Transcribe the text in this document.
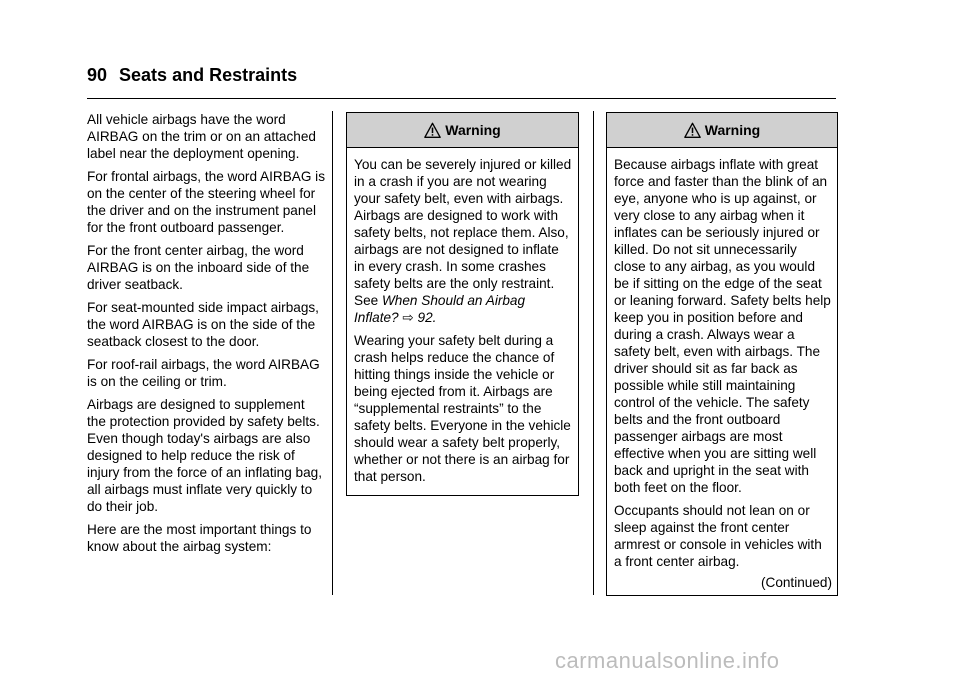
90 Seats and Restraints

All vehicle airbags have the word AIRBAG on the trim or on an attached label near the deployment opening.

For frontal airbags, the word AIRBAG is on the center of the steering wheel for the driver and on the instrument panel for the front outboard passenger.

For the front center airbag, the word AIRBAG is on the inboard side of the driver seatback.

For seat-mounted side impact airbags, the word AIRBAG is on the side of the seatback closest to the door.

For roof-rail airbags, the word AIRBAG is on the ceiling or trim.

Airbags are designed to supplement the protection provided by safety belts. Even though today's airbags are also designed to help reduce the risk of injury from the force of an inflating bag, all airbags must inflate very quickly to do their job.

Here are the most important things to know about the airbag system:

Warning

You can be severely injured or killed in a crash if you are not wearing your safety belt, even with airbags. Airbags are designed to work with safety belts, not replace them. Also, airbags are not designed to inflate in every crash. In some crashes safety belts are the only restraint. See When Should an Airbag Inflate? ⇨ 92.

Wearing your safety belt during a crash helps reduce the chance of hitting things inside the vehicle or being ejected from it. Airbags are “supplemental restraints” to the safety belts. Everyone in the vehicle should wear a safety belt properly, whether or not there is an airbag for that person.

Warning

Because airbags inflate with great force and faster than the blink of an eye, anyone who is up against, or very close to any airbag when it inflates can be seriously injured or killed. Do not sit unnecessarily close to any airbag, as you would be if sitting on the edge of the seat or leaning forward. Safety belts help keep you in position before and during a crash. Always wear a safety belt, even with airbags. The driver should sit as far back as possible while still maintaining control of the vehicle. The safety belts and the front outboard passenger airbags are most effective when you are sitting well back and upright in the seat with both feet on the floor.

Occupants should not lean on or sleep against the front center armrest or console in vehicles with a front center airbag.

(Continued)
carmanualsonline.info
